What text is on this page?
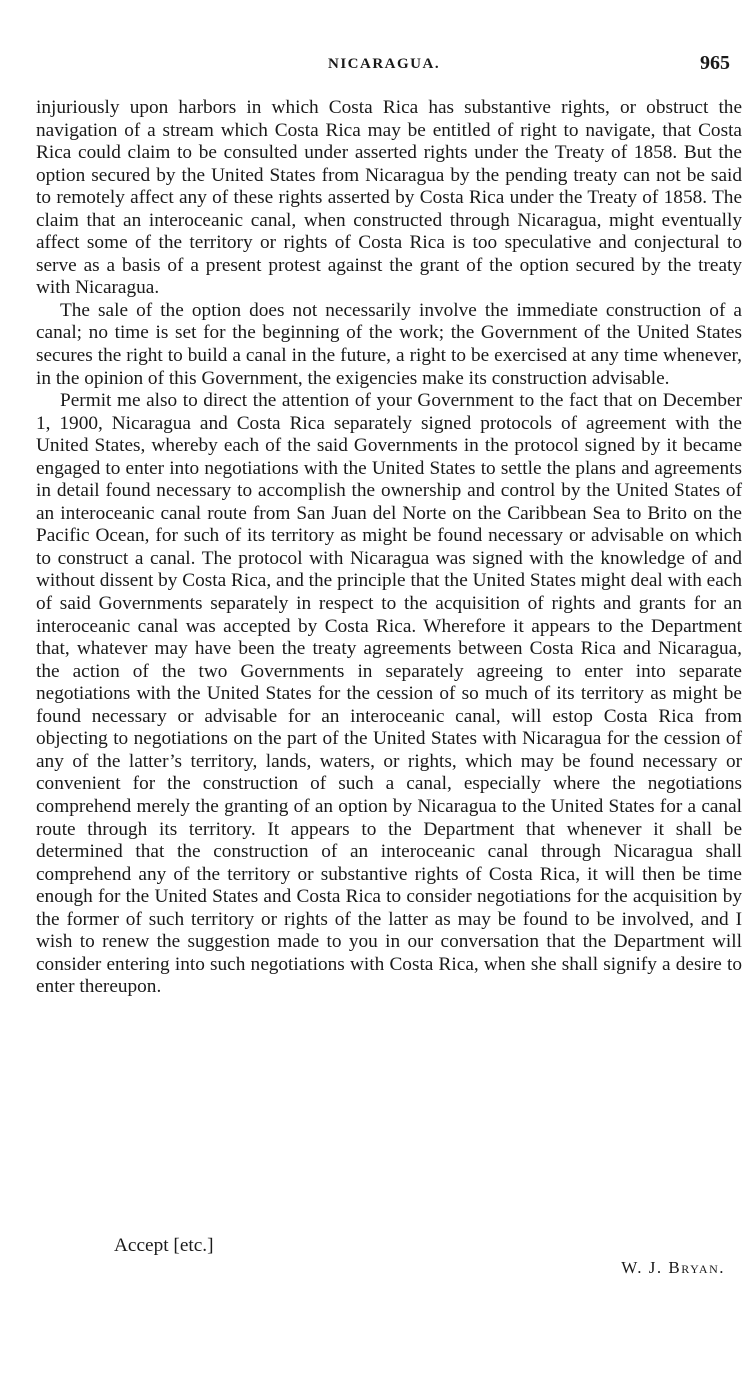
NICARAGUA.	965

injuriously upon harbors in which Costa Rica has substantive rights, or obstruct the navigation of a stream which Costa Rica may be entitled of right to navigate, that Costa Rica could claim to be consulted under asserted rights under the Treaty of 1858. But the option secured by the United States from Nicaragua by the pending treaty can not be said to remotely affect any of these rights asserted by Costa Rica under the Treaty of 1858. The claim that an interoceanic canal, when constructed through Nicaragua, might eventually affect some of the territory or rights of Costa Rica is too speculative and conjectural to serve as a basis of a present protest against the grant of the option secured by the treaty with Nicaragua.

The sale of the option does not necessarily involve the immediate construction of a canal; no time is set for the beginning of the work; the Government of the United States secures the right to build a canal in the future, a right to be exercised at any time whenever, in the opinion of this Government, the exigencies make its construction advisable.

Permit me also to direct the attention of your Government to the fact that on December 1, 1900, Nicaragua and Costa Rica separately signed protocols of agreement with the United States, whereby each of the said Governments in the protocol signed by it became engaged to enter into negotiations with the United States to settle the plans and agreements in detail found necessary to accomplish the ownership and control by the United States of an interoceanic canal route from San Juan del Norte on the Caribbean Sea to Brito on the Pacific Ocean, for such of its territory as might be found necessary or advisable on which to construct a canal. The protocol with Nicaragua was signed with the knowledge of and without dissent by Costa Rica, and the principle that the United States might deal with each of said Governments separately in respect to the acquisition of rights and grants for an interoceanic canal was accepted by Costa Rica. Wherefore it appears to the Department that, whatever may have been the treaty agreements between Costa Rica and Nicaragua, the action of the two Governments in separately agreeing to enter into separate negotiations with the United States for the cession of so much of its territory as might be found necessary or advisable for an interoceanic canal, will estop Costa Rica from objecting to negotiations on the part of the United States with Nicaragua for the cession of any of the latter’s territory, lands, waters, or rights, which may be found necessary or convenient for the construction of such a canal, especially where the negotiations comprehend merely the granting of an option by Nicaragua to the United States for a canal route through its territory. It appears to the Department that whenever it shall be determined that the construction of an interoceanic canal through Nicaragua shall comprehend any of the territory or substantive rights of Costa Rica, it will then be time enough for the United States and Costa Rica to consider negotiations for the acquisition by the former of such territory or rights of the latter as may be found to be involved, and I wish to renew the suggestion made to you in our conversation that the Department will consider entering into such negotiations with Costa Rica, when she shall signify a desire to enter thereupon.

Accept [etc.]
W. J. Bryan.
